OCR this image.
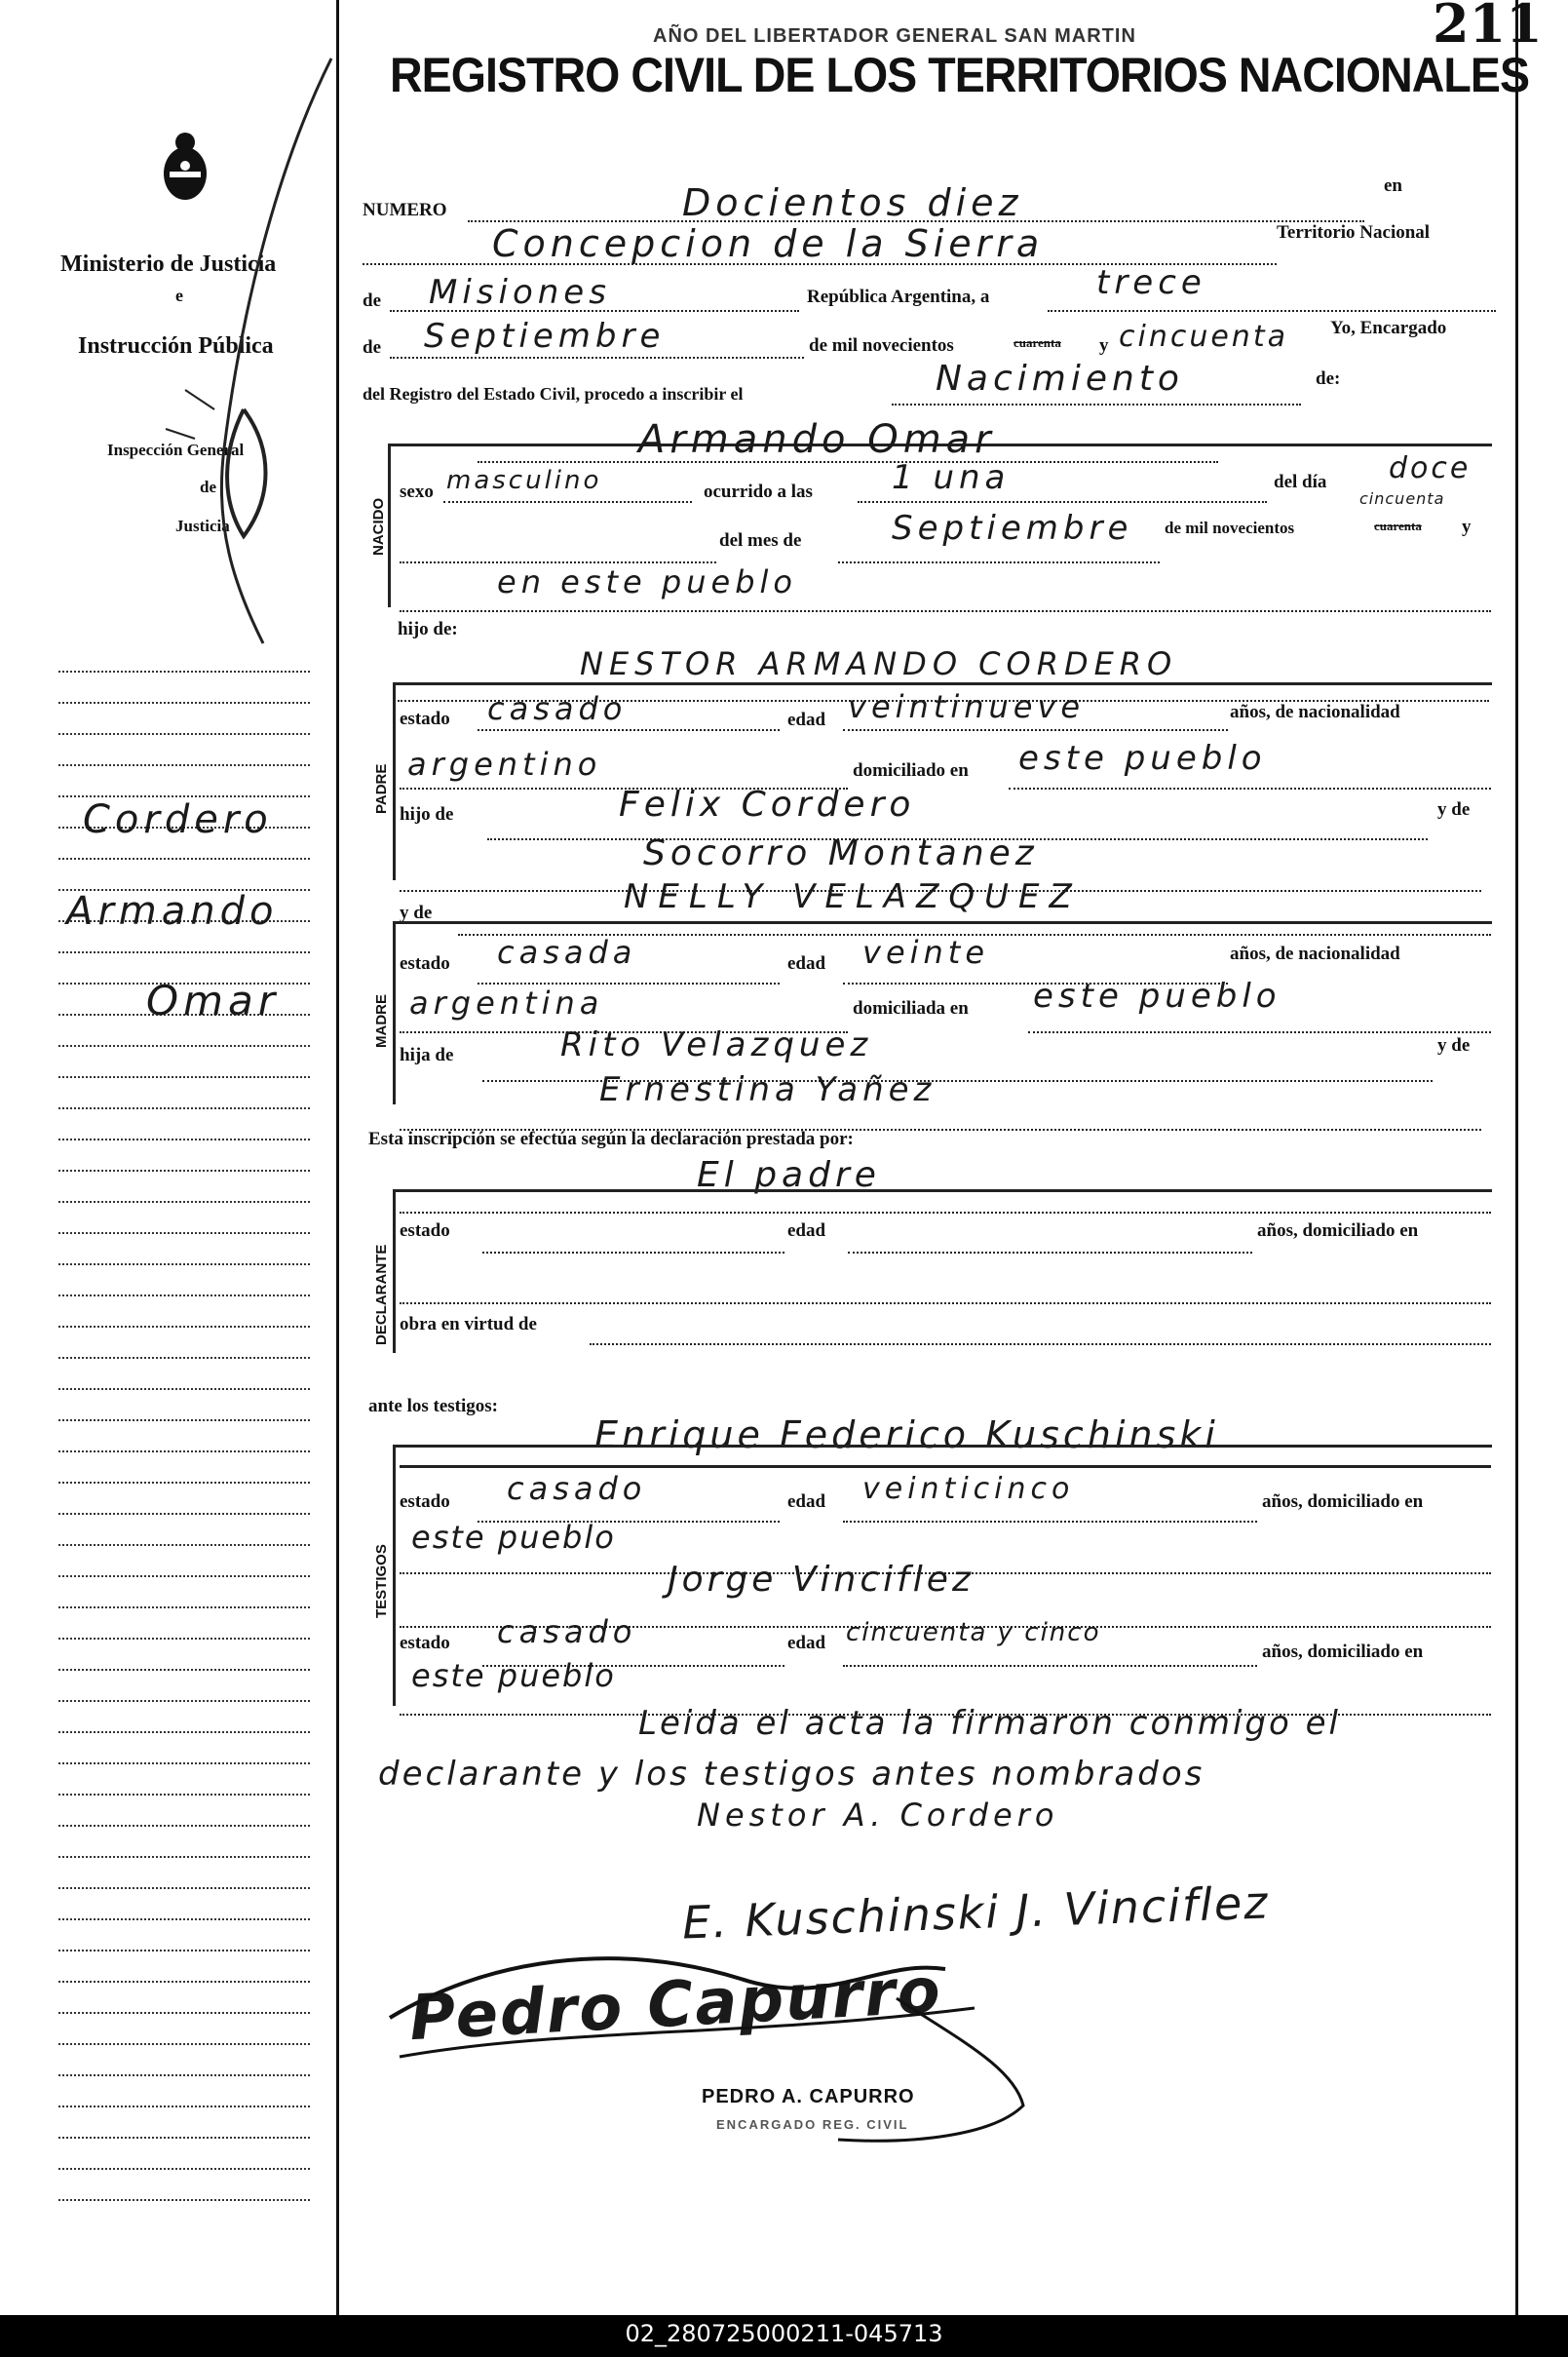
211
AÑO DEL LIBERTADOR GENERAL SAN MARTIN
REGISTRO CIVIL DE LOS TERRITORIOS NACIONALES
Ministerio de Justicia
e
Instrucción Pública
Inspección General
de
Justicia
Cordero
Armando
Omar
NUMERO	Docientos diez	en
Concepcion de la Sierra	Territorio Nacional
de Misiones	República Argentina, a	trece
de Septiembre	de mil novecientos	cuarenta y cincuenta Yo, Encargado
del Registro del Estado Civil, procedo a inscribir el	Nacimiento	de:
NACIDO
Armando Omar
sexo masculino	ocurrido a las 1 una	del día doce
cincuenta
del mes de	Septiembre de mil novecientos	cuarenta y
en este pueblo
hijo de:
NESTOR ARMANDO CORDERO
PADRE
estado casado	edad veintinueve	años, de nacionalidad
argentino	domiciliado en este pueblo
hijo de	Felix Cordero	y de
Socorro Montanez
y de	NELLY VELAZQUEZ
MADRE
estado casada	edad veinte	años, de nacionalidad
argentina	domiciliada en este pueblo
hija de	Rito Velazquez	y de
Ernestina Yañez
Esta inscripción se efectúa según la declaración prestada por:
El padre
DECLARANTE
estado	edad	años, domiciliado en
obra en virtud de
ante los testigos:
Enrique Federico Kuschinski
TESTIGOS
estado casado	edad veinticinco	años, domiciliado en
este pueblo
Jorge Vinciflez
estado casado	edad cincuenta y cinco
años, domiciliado en
este pueblo
Leida el acta la firmaron conmigo el
declarante y los testigos antes nombrados
Nestor A. Cordero
E. Kuschinski J. Vinciflez
Pedro Capurro
PEDRO A. CAPURRO
ENCARGADO REG. CIVIL
02_280725000211-045713
